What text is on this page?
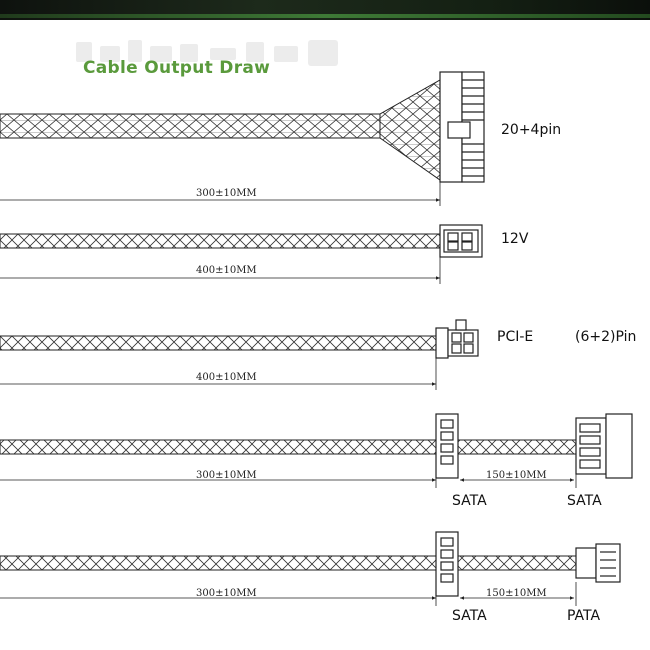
Cable Output Draw
300±10MM
400±10MM
400±10MM
300±10MM	150±10MM
300±10MM	150±10MM
20+4pin
12V
PCI-E	(6+2)Pin
SATA	SATA
SATA	PATA
